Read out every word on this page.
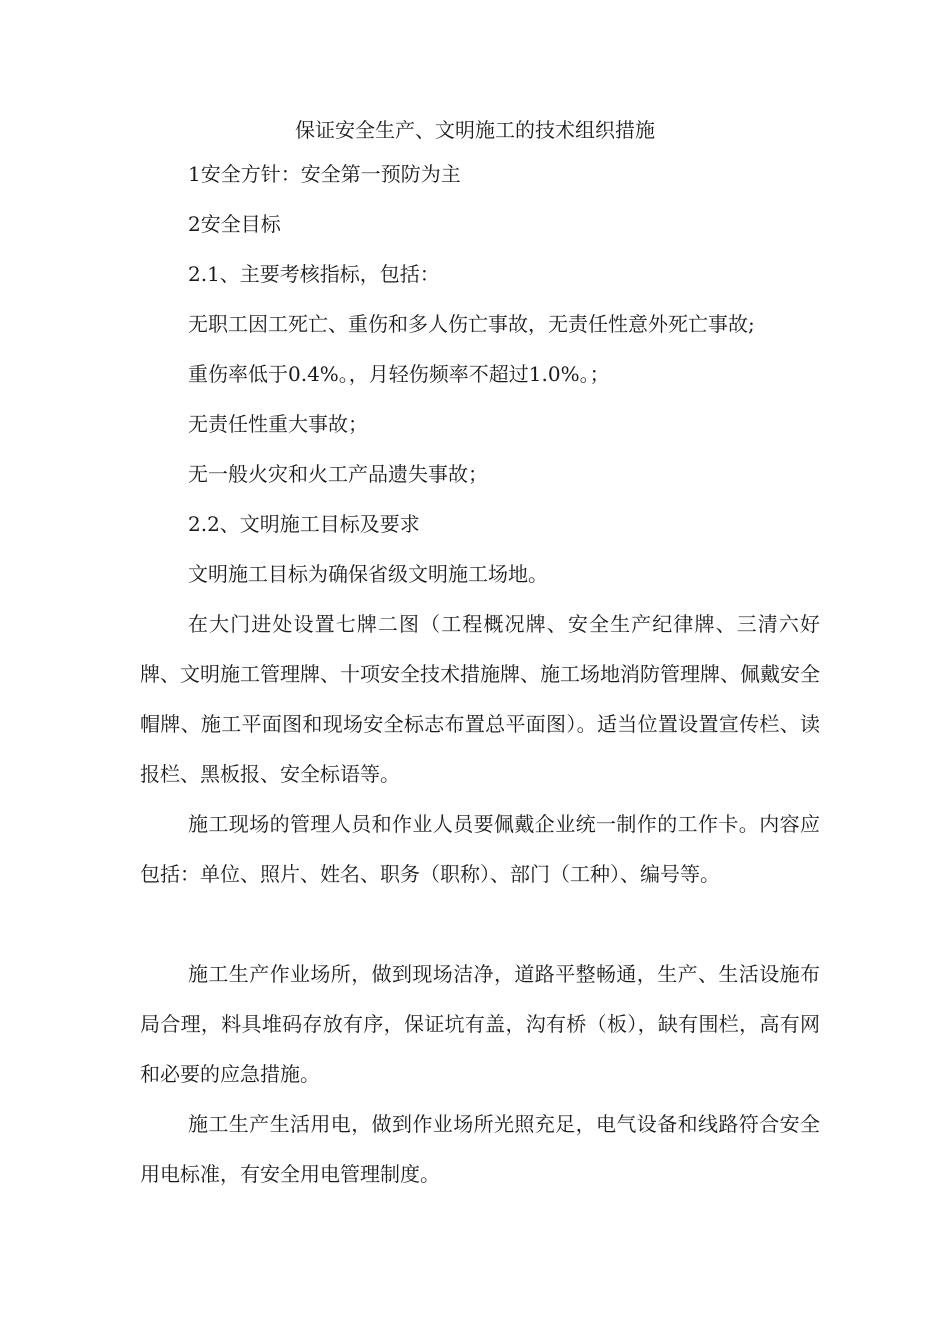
保证安全生产、文明施工的技术组织措施
1安全方针：安全第一预防为主
2安全目标
2.1、主要考核指标，包括：
无职工因工死亡、重伤和多人伤亡事故，无责任性意外死亡事故;
重伤率低于0.4%。，月轻伤频率不超过1.0%。；
无责任性重大事故；
无一般火灾和火工产品遗失事故；
2.2、文明施工目标及要求
文明施工目标为确保省级文明施工场地。
在大门进处设置七牌二图（工程概况牌、安全生产纪律牌、三清六好牌、文明施工管理牌、十项安全技术措施牌、施工场地消防管理牌、佩戴安全帽牌、施工平面图和现场安全标志布置总平面图）。适当位置设置宣传栏、读报栏、黑板报、安全标语等。
施工现场的管理人员和作业人员要佩戴企业统一制作的工作卡。内容应包括：单位、照片、姓名、职务（职称）、部门（工种）、编号等。
施工生产作业场所，做到现场洁净，道路平整畅通，生产、生活设施布局合理，料具堆码存放有序，保证坑有盖，沟有桥（板），缺有围栏，高有网和必要的应急措施。
施工生产生活用电，做到作业场所光照充足，电气设备和线路符合安全用电标准，有安全用电管理制度。
